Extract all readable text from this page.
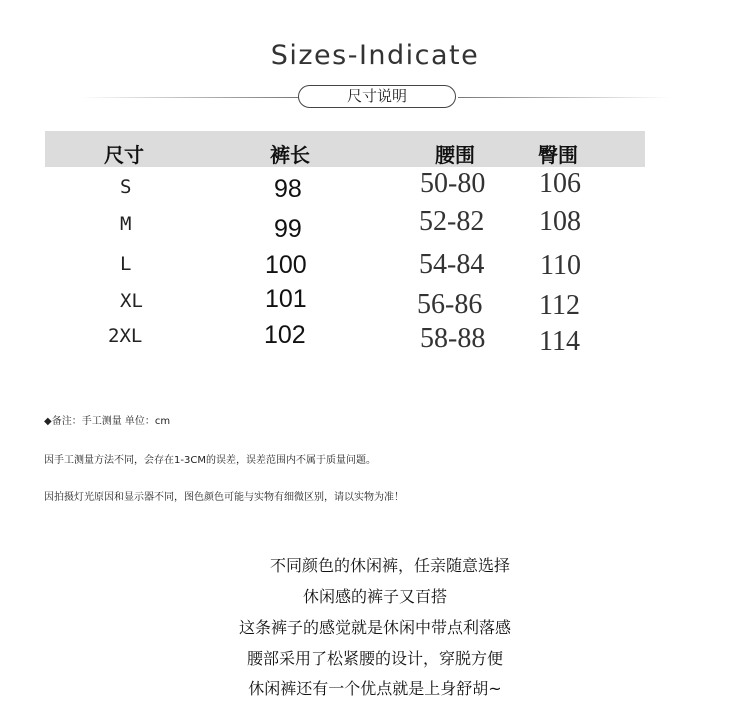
Sizes-Indicate
尺寸说明
尺寸	裤长	腰围	臀围
S	98	50-80 106
M	99	52-82 108
L	100	54-84 110
XL	101	56-86 112
2XL	102	58-88 114
◆备注：手工测量 单位：cm
因手工测量方法不同，会存在1-3CM的误差，误差范围内不属于质量问题。
因拍摄灯光原因和显示器不同，图色颜色可能与实物有细微区别，请以实物为准！
不同颜色的休闲裤，任亲随意选择
休闲感的裤子又百搭
这条裤子的感觉就是休闲中带点利落感
腰部采用了松紧腰的设计，穿脱方便
休闲裤还有一个优点就是上身舒胡~
